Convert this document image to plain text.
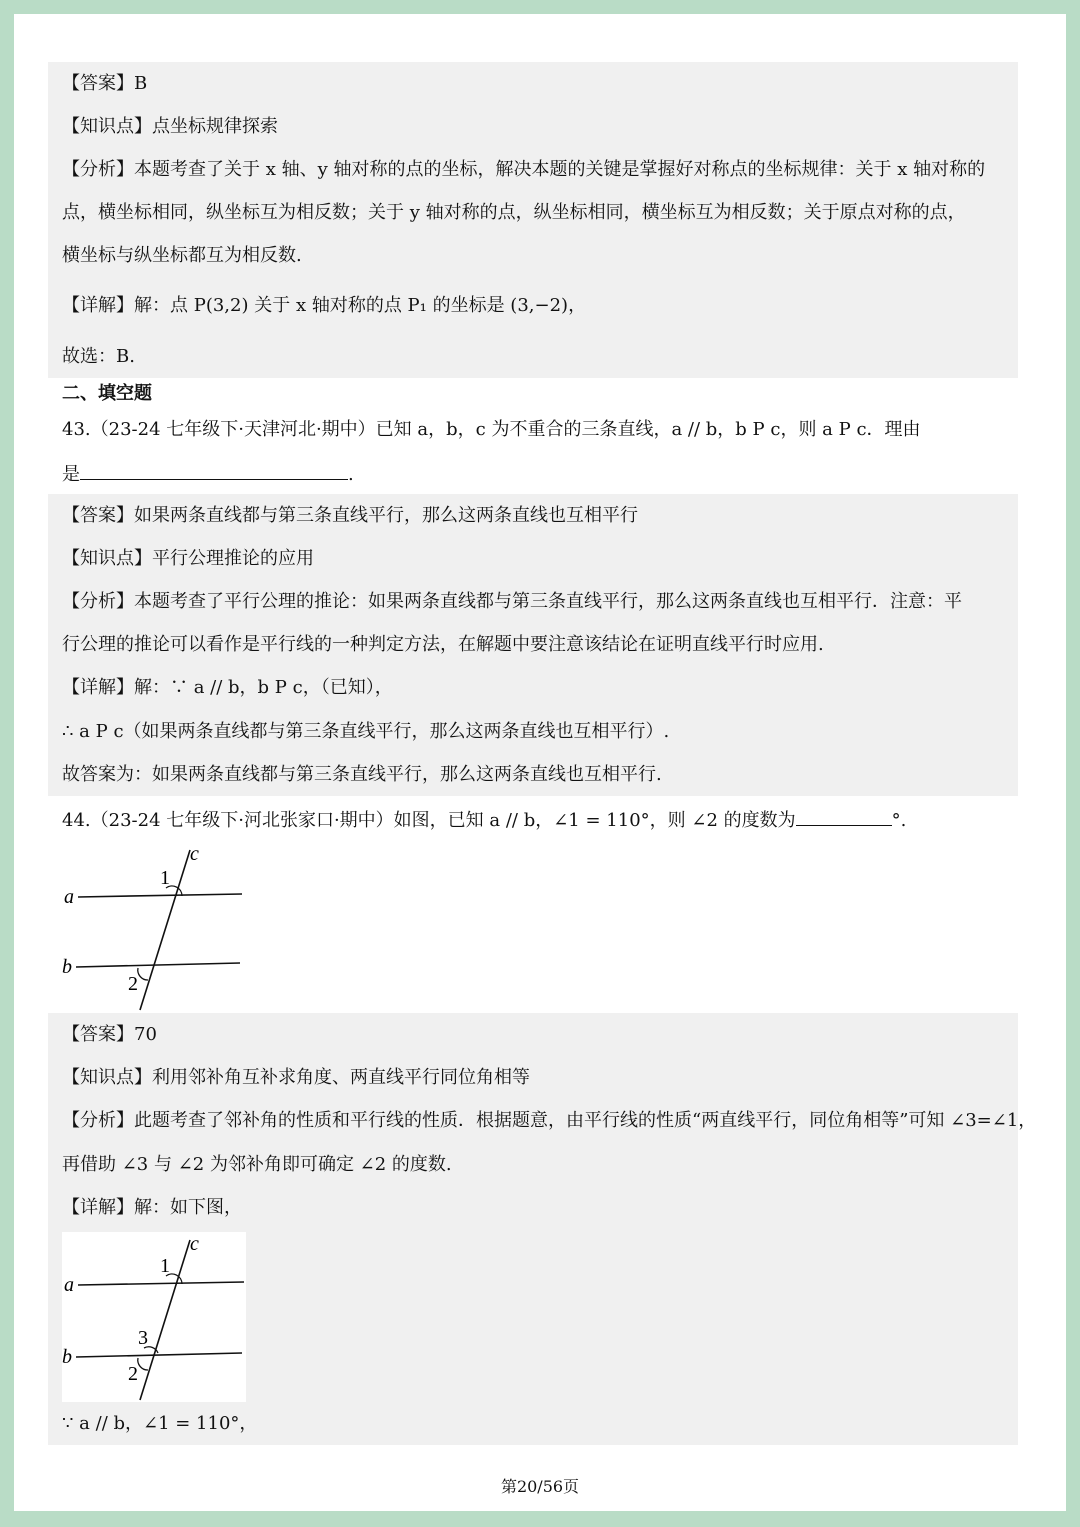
【答案】B
【知识点】点坐标规律探索
【分析】本题考查了关于 x 轴、y 轴对称的点的坐标，解决本题的关键是掌握好对称点的坐标规律：关于 x 轴对称的
点，横坐标相同，纵坐标互为相反数；关于 y 轴对称的点，纵坐标相同，横坐标互为相反数；关于原点对称的点，
横坐标与纵坐标都互为相反数.
【详解】解：点 P(3,2) 关于 x 轴对称的点 P₁ 的坐标是 (3,−2)，
故选：B.
二、填空题
43.（23-24 七年级下·天津河北·期中）已知 a，b，c 为不重合的三条直线，a // b，b P c，则 a P c．理由
是	.
【答案】如果两条直线都与第三条直线平行，那么这两条直线也互相平行
【知识点】平行公理推论的应用
【分析】本题考查了平行公理的推论：如果两条直线都与第三条直线平行，那么这两条直线也互相平行．注意：平
行公理的推论可以看作是平行线的一种判定方法，在解题中要注意该结论在证明直线平行时应用.
【详解】解：∵ a // b，b P c，（已知），
∴ a P c（如果两条直线都与第三条直线平行，那么这两条直线也互相平行）.
故答案为：如果两条直线都与第三条直线平行，那么这两条直线也互相平行.
44.（23-24 七年级下·河北张家口·期中）如图，已知 a // b，∠1 = 110°，则 ∠2 的度数为	°.
a
b
c
1
2
【答案】70
【知识点】利用邻补角互补求角度、两直线平行同位角相等
【分析】此题考查了邻补角的性质和平行线的性质．根据题意，由平行线的性质“两直线平行，同位角相等”可知 ∠3=∠1，
再借助 ∠3 与 ∠2 为邻补角即可确定 ∠2 的度数.
【详解】解：如下图，
a
b
c
1
3
2
∵ a // b，∠1 = 110°，
第20/56页
